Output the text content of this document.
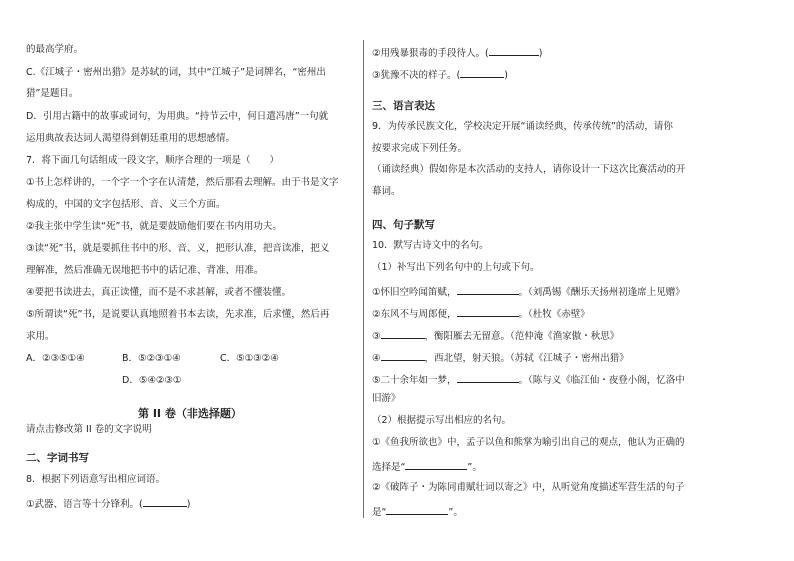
的最高学府。
C.《江城子・密州出猎》是苏轼的词，其中“江城子”是词牌名，“密州出
猎”是题目。
D．引用古籍中的故事或词句，为用典。“持节云中，何日遣冯唐”一句就
运用典故表达词人渴望得到朝廷重用的思想感情。
7．将下面几句话组成一段文字，顺序合理的一项是（　　）
①书上怎样讲的，一个字一个字在认清楚，然后那看去理解。由于书是文字
构成的，中国的文字包括形、音、义三个方面。
②我主张中学生读“死”书，就是要鼓励他们要在书内用功夫。
③读“死”书，就是要抓住书中的形、音、义，把形认准，把音读准，把义
理解准，然后准确无误地把书中的话记准、背准、用准。
④要把书读进去，真正读懂，而不是不求甚解，或者不懂装懂。
⑤所谓读“死”书，是说要认真地照着书本去读，先求准，后求懂，然后再
求用。
A．②③⑤①④	B．⑤②③①④	C．⑤①③②④
D．⑤④②③①
第 II 卷（非选择题）
请点击修改第 II 卷的文字说明
二、字词书写
8．根据下列语意写出相应词语。
①武器、语言等十分锋利。(	)
②用残暴狠毒的手段待人。(	)
③犹豫不决的样子。(	)
三、语言表达
9．为传承民族文化，学校决定开展“诵读经典，传承传统”的活动，请你
按要求完成下列任务。
（诵读经典）假如你是本次活动的支持人，请你设计一下这次比赛活动的开
幕词。
四、句子默写
10．默写古诗文中的名句。
（1）补写出下列名句中的上句或下句。
①怀旧空吟闻笛赋，	。（刘禹锡《酬乐天扬州初逢席上见赠》
②东风不与周郎便，	。（杜牧《赤壁》
③	，衡阳雁去无留意。（范仲淹《渔家傲・秋思》
④	，西北望，射天狼。（苏轼《江城子・密州出猎》
⑤二十余年如一梦，	。（陈与义《临江仙・夜登小阁，忆洛中
旧游》
（2）根据提示写出相应的名句。
①《鱼我所欲也》中，孟子以鱼和熊掌为喻引出自己的观点，他认为正确的
选择是“	”。
②《破阵子・为陈同甫赋壮词以寄之》中，从听觉角度描述军营生活的句子
是“	”。
